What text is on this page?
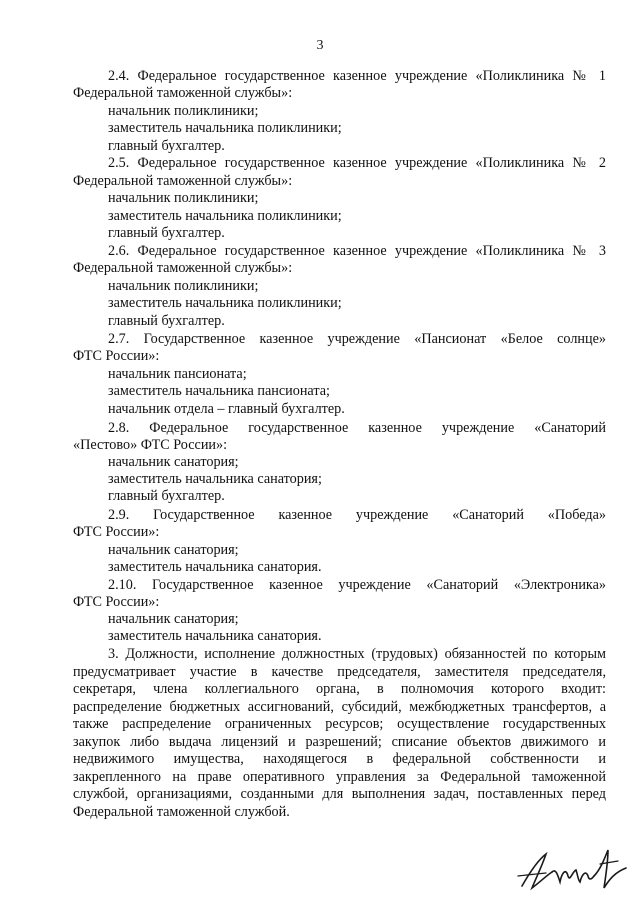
3
2.4. Федеральное государственное казенное учреждение «Поликлиника № 1
Федеральной таможенной службы»:
начальник поликлиники;
заместитель начальника поликлиники;
главный бухгалтер.
2.5. Федеральное государственное казенное учреждение «Поликлиника № 2
Федеральной таможенной службы»:
начальник поликлиники;
заместитель начальника поликлиники;
главный бухгалтер.
2.6. Федеральное государственное казенное учреждение «Поликлиника № 3
Федеральной таможенной службы»:
начальник поликлиники;
заместитель начальника поликлиники;
главный бухгалтер.
2.7. Государственное казенное учреждение «Пансионат «Белое солнце»
ФТС России»:
начальник пансионата;
заместитель начальника пансионата;
начальник отдела – главный бухгалтер.
2.8. Федеральное государственное казенное учреждение «Санаторий
«Пестово» ФТС России»:
начальник санатория;
заместитель начальника санатория;
главный бухгалтер.
2.9. Государственное казенное учреждение «Санаторий «Победа»
ФТС России»:
начальник санатория;
заместитель начальника санатория.
2.10. Государственное казенное учреждение «Санаторий «Электроника»
ФТС России»:
начальник санатория;
заместитель начальника санатория.
3. Должности, исполнение должностных (трудовых) обязанностей по которым
предусматривает участие в качестве председателя, заместителя председателя,
секретаря, члена коллегиального органа, в полномочия которого входит:
распределение бюджетных ассигнований, субсидий, межбюджетных трансфертов, а
также распределение ограниченных ресурсов; осуществление государственных
закупок либо выдача лицензий и разрешений; списание объектов движимого и
недвижимого имущества, находящегося в федеральной собственности и
закрепленного на праве оперативного управления за Федеральной таможенной
службой, организациями, созданными для выполнения задач, поставленных перед
Федеральной таможенной службой.
